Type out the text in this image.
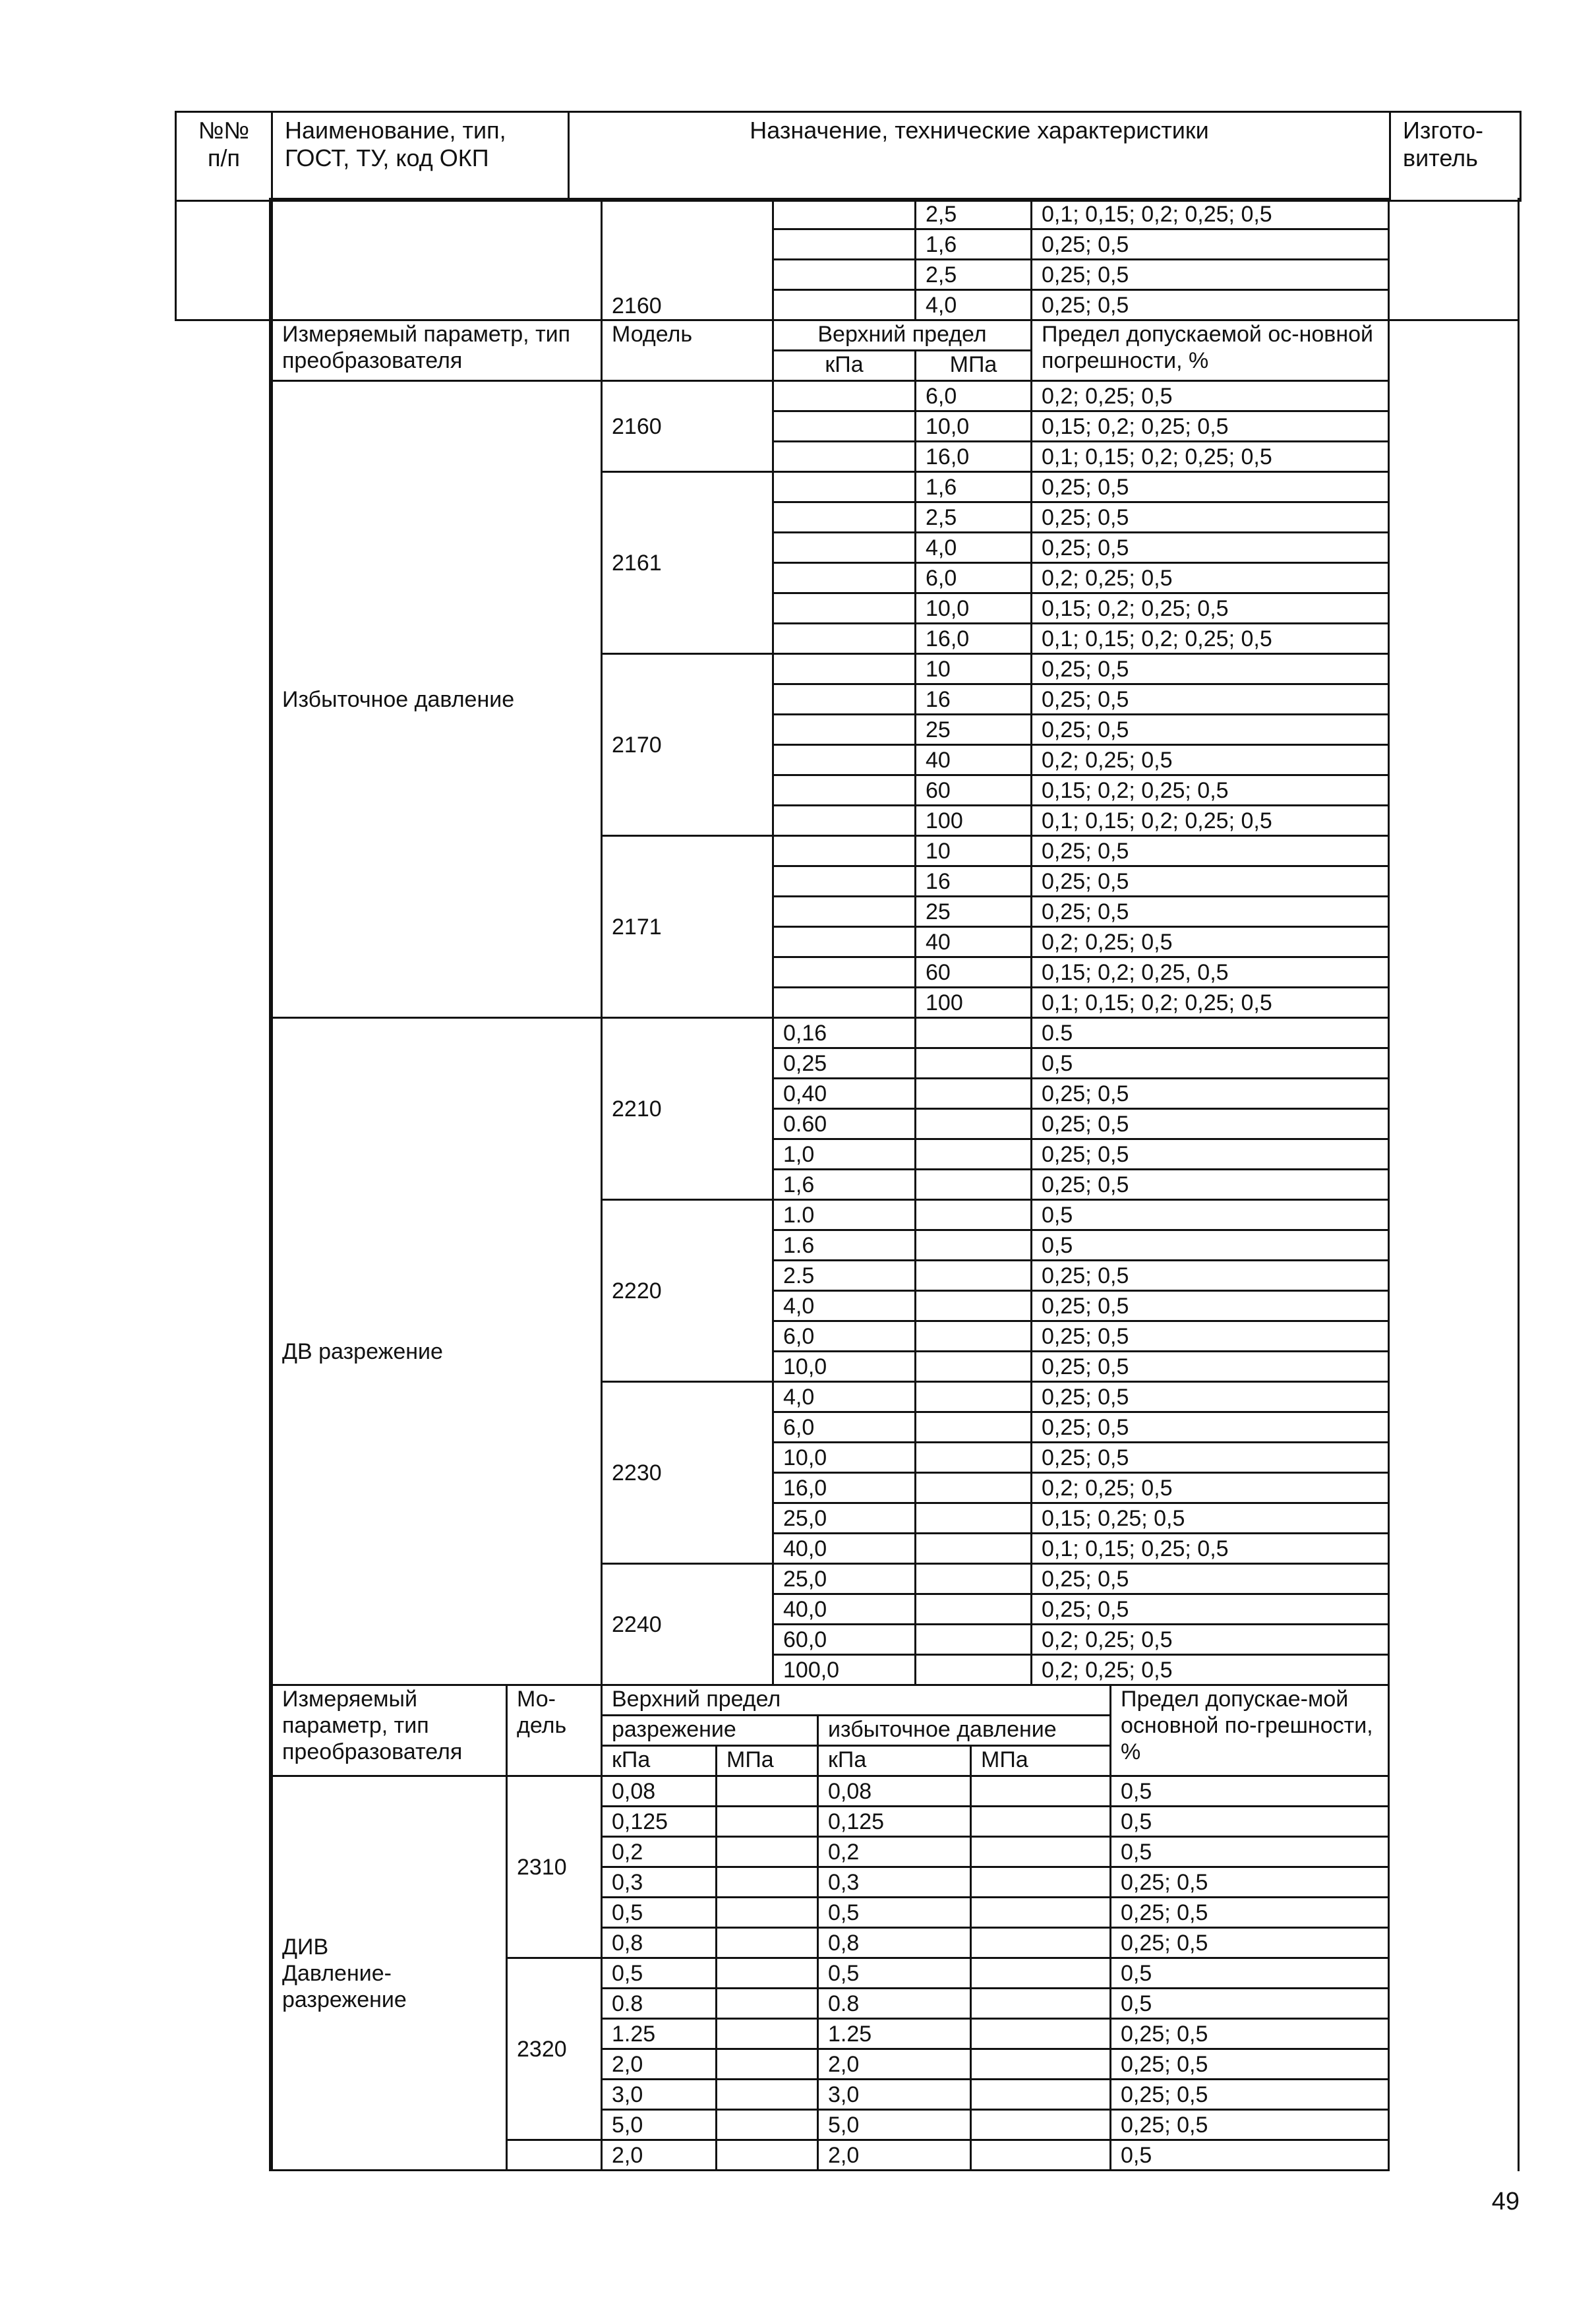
№№ п/п	Наименование, тип, ГОСТ, ТУ, код ОКП	Назначение, технические характеристики	Изгото-витель
	2160		2,5	0,1; 0,15; 0,2; 0,25; 0,5
			1,6	0,25; 0,5
			2,5	0,25; 0,5
			4,0	0,25; 0,5
Измеряемый параметр, тип преобразователя	Модель	Верхний предел		Предел допускаемой ос-новной погрешности, %
		кПа	МПа	
Избыточное давление	2160		6,0	0,2; 0,25; 0,5
			10,0	0,15; 0,2; 0,25; 0,5
			16,0	0,1; 0,15; 0,2; 0,25; 0,5
	2161		1,6	0,25; 0,5
			2,5	0,25; 0,5
			4,0	0,25; 0,5
			6,0	0,2; 0,25; 0,5
			10,0	0,15; 0,2; 0,25; 0,5
			16,0	0,1; 0,15; 0,2; 0,25; 0,5
	2170		10	0,25; 0,5
			16	0,25; 0,5
			25	0,25; 0,5
			40	0,2; 0,25; 0,5
			60	0,15; 0,2; 0,25; 0,5
			100	0,1; 0,15; 0,2; 0,25; 0,5
	2171		10	0,25; 0,5
			16	0,25; 0,5
			25	0,25; 0,5
			40	0,2; 0,25; 0,5
			60	0,15; 0,2; 0,25, 0,5
			100	0,1; 0,15; 0,2; 0,25; 0,5
ДВ разрежение	2210	0,16		0.5
		0,25		0,5
		0,40		0,25; 0,5
		0.60		0,25; 0,5
		1,0		0,25; 0,5
		1,6		0,25; 0,5
	2220	1.0		0,5
		1.6		0,5
		2.5		0,25; 0,5
		4,0		0,25; 0,5
		6,0		0,25; 0,5
		10,0		0,25; 0,5
	2230	4,0		0,25; 0,5
		6,0		0,25; 0,5
		10,0		0,25; 0,5
		16,0		0,2; 0,25; 0,5
		25,0		0,15; 0,25; 0,5
		40,0		0,1; 0,15; 0,25; 0,5
	2240	25,0		0,25; 0,5
		40,0		0,25; 0,5
		60,0		0,2; 0,25; 0,5
		100,0		0,2; 0,25; 0,5
Измеряемый параметр, тип преобразователя	Мо-дель	Верхний предел				Предел допускае-мой основной по-грешности, %
		разрежение		избыточное давление		
		кПа	МПа	кПа	МПа	
ДИВ Давление-разрежение	2310	0,08		0,08		0,5
		0,125		0,125		0,5
		0,2		0,2		0,5
		0,3		0,3		0,25; 0,5
		0,5		0,5		0,25; 0,5
		0,8		0,8		0,25; 0,5
	2320	0,5		0,5		0,5
		0.8		0.8		0,5
		1.25		1.25		0,25; 0,5
		2,0		2,0		0,25; 0,5
		3,0		3,0		0,25; 0,5
		5,0		5,0		0,25; 0,5
		2,0		2,0		0,5
49
